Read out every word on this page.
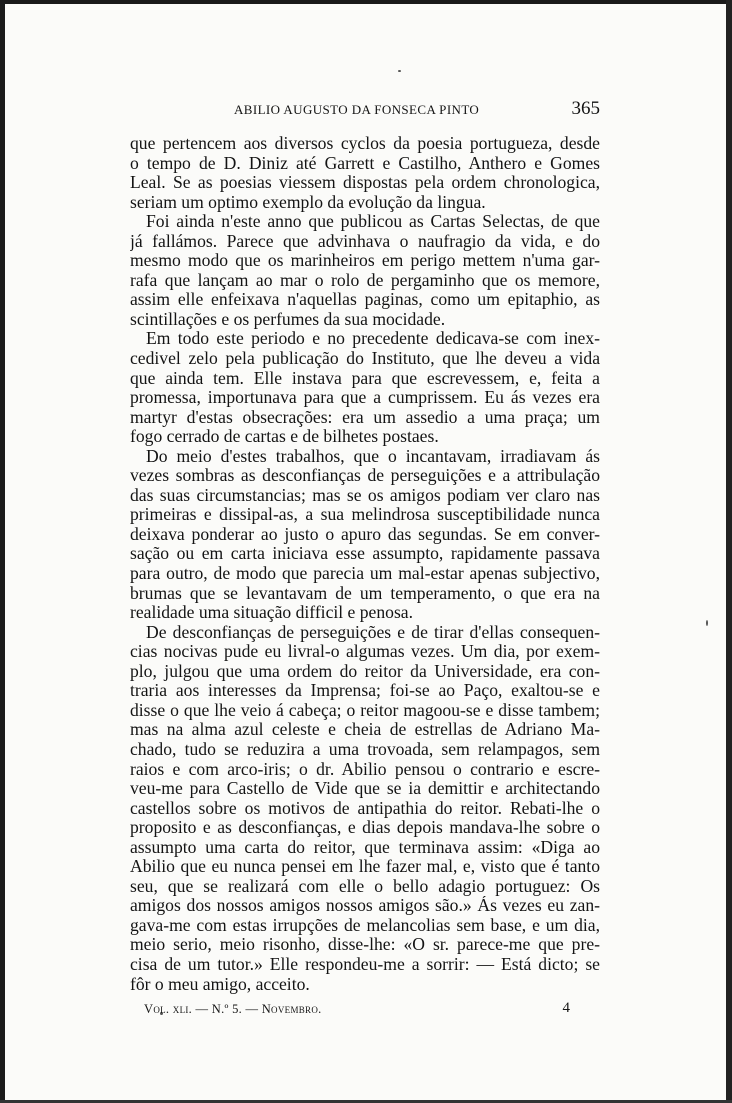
ABILIO AUGUSTO DA FONSECA PINTO	365
que pertencem aos diversos cyclos da poesia portugueza, desde
o tempo de D. Diniz até Garrett e Castilho, Anthero e Gomes
Leal. Se as poesias viessem dispostas pela ordem chronologica,
seriam um optimo exemplo da evolução da lingua.
Foi ainda n'este anno que publicou as Cartas Selectas, de que
já fallámos. Parece que advinhava o naufragio da vida, e do
mesmo modo que os marinheiros em perigo mettem n'uma gar-
rafa que lançam ao mar o rolo de pergaminho que os memore,
assim elle enfeixava n'aquellas paginas, como um epitaphio, as
scintillações e os perfumes da sua mocidade.
Em todo este periodo e no precedente dedicava-se com inex-
cedivel zelo pela publicação do Instituto, que lhe deveu a vida
que ainda tem. Elle instava para que escrevessem, e, feita a
promessa, importunava para que a cumprissem. Eu ás vezes era
martyr d'estas obsecrações: era um assedio a uma praça; um
fogo cerrado de cartas e de bilhetes postaes.
Do meio d'estes trabalhos, que o incantavam, irradiavam ás
vezes sombras as desconfianças de perseguições e a attribulação
das suas circumstancias; mas se os amigos podiam ver claro nas
primeiras e dissipal-as, a sua melindrosa susceptibilidade nunca
deixava ponderar ao justo o apuro das segundas. Se em conver-
sação ou em carta iniciava esse assumpto, rapidamente passava
para outro, de modo que parecia um mal-estar apenas subjectivo,
brumas que se levantavam de um temperamento, o que era na
realidade uma situação difficil e penosa.
De desconfianças de perseguições e de tirar d'ellas consequen-
cias nocivas pude eu livral-o algumas vezes. Um dia, por exem-
plo, julgou que uma ordem do reitor da Universidade, era con-
traria aos interesses da Imprensa; foi-se ao Paço, exaltou-se e
disse o que lhe veio á cabeça; o reitor magoou-se e disse tambem;
mas na alma azul celeste e cheia de estrellas de Adriano Ma-
chado, tudo se reduzira a uma trovoada, sem relampagos, sem
raios e com arco-iris; o dr. Abilio pensou o contrario e escre-
veu-me para Castello de Vide que se ia demittir e architectando
castellos sobre os motivos de antipathia do reitor. Rebati-lhe o
proposito e as desconfianças, e dias depois mandava-lhe sobre o
assumpto uma carta do reitor, que terminava assim: «Diga ao
Abilio que eu nunca pensei em lhe fazer mal, e, visto que é tanto
seu, que se realizará com elle o bello adagio portuguez: Os
amigos dos nossos amigos nossos amigos são.» Ás vezes eu zan-
gava-me com estas irrupções de melancolias sem base, e um dia,
meio serio, meio risonho, disse-lhe: «O sr. parece-me que pre-
cisa de um tutor.» Elle respondeu-me a sorrir: — Está dicto; se
fôr o meu amigo, acceito.
Vol. xli. — N.º 5. — Novembro.	4
